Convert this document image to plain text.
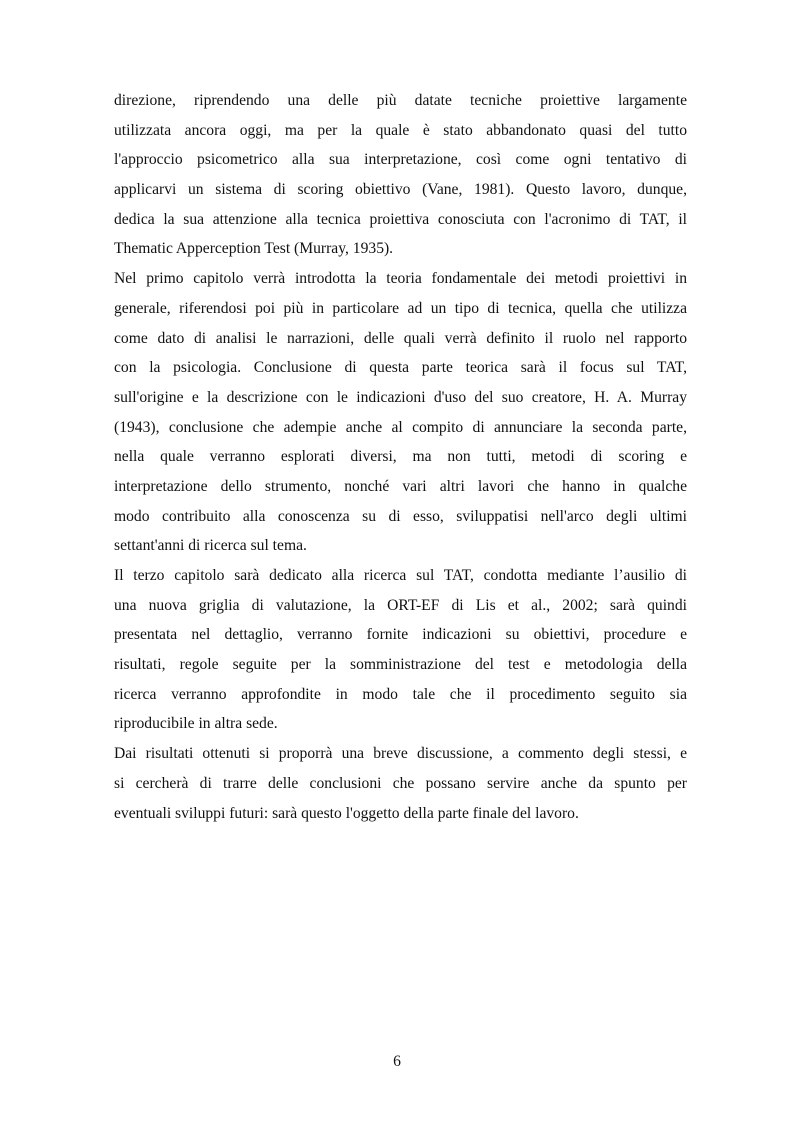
direzione, riprendendo una delle più datate tecniche proiettive largamente
utilizzata ancora oggi, ma per la quale è stato abbandonato quasi del tutto
l'approccio psicometrico alla sua interpretazione, così come ogni tentativo di
applicarvi un sistema di scoring obiettivo (Vane, 1981). Questo lavoro, dunque,
dedica la sua attenzione alla tecnica proiettiva conosciuta con l'acronimo di TAT, il
Thematic Apperception Test (Murray, 1935).
Nel primo capitolo verrà introdotta la teoria fondamentale dei metodi proiettivi in
generale, riferendosi poi più in particolare ad un tipo di tecnica, quella che utilizza
come dato di analisi le narrazioni, delle quali verrà definito il ruolo nel rapporto
con la psicologia. Conclusione di questa parte teorica sarà il focus sul TAT,
sull'origine e la descrizione con le indicazioni d'uso del suo creatore, H. A. Murray
(1943), conclusione che adempie anche al compito di annunciare la seconda parte,
nella quale verranno esplorati diversi, ma non tutti, metodi di scoring e
interpretazione dello strumento, nonché vari altri lavori che hanno in qualche
modo contribuito alla conoscenza su di esso, sviluppatisi nell'arco degli ultimi
settant'anni di ricerca sul tema.
Il terzo capitolo sarà dedicato alla ricerca sul TAT, condotta mediante l’ausilio di
una nuova griglia di valutazione, la ORT-EF di Lis et al., 2002; sarà quindi
presentata nel dettaglio, verranno fornite indicazioni su obiettivi, procedure e
risultati, regole seguite per la somministrazione del test e metodologia della
ricerca verranno approfondite in modo tale che il procedimento seguito sia
riproducibile in altra sede.
Dai risultati ottenuti si proporrà una breve discussione, a commento degli stessi, e
si cercherà di trarre delle conclusioni che possano servire anche da spunto per
eventuali sviluppi futuri: sarà questo l'oggetto della parte finale del lavoro.
6
